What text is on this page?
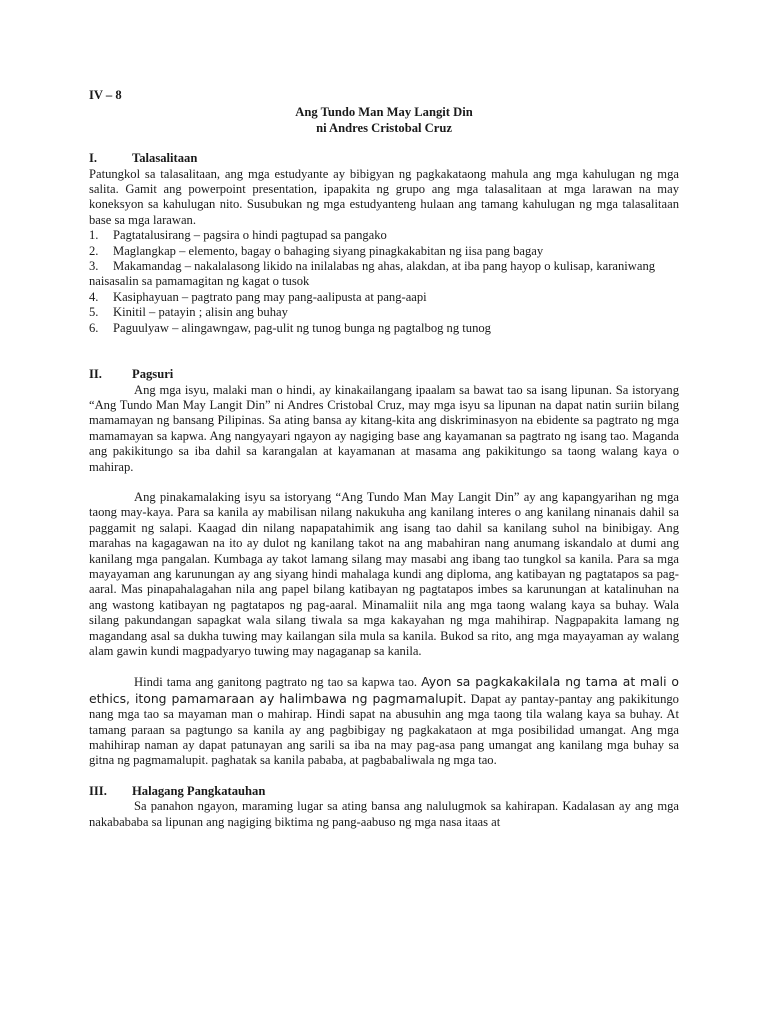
IV – 8
Ang Tundo Man May Langit Din
ni Andres Cristobal Cruz
I.	Talasalitaan
Patungkol sa talasalitaan, ang mga estudyante ay bibigyan ng pagkakataong mahula ang mga kahulugan ng mga salita. Gamit ang powerpoint presentation, ipapakita ng grupo ang mga talasalitaan at mga larawan na may koneksyon sa kahulugan nito. Susubukan ng mga estudyanteng hulaan ang tamang kahulugan ng mga talasalitaan base sa mga larawan.
1.	Pagtatalusirang – pagsira o hindi pagtupad sa pangako
2.	Maglangkap – elemento, bagay o bahaging siyang pinagkakabitan ng iisa pang bagay
3.	Makamandag – nakalalasong likido na inilalabas ng ahas, alakdan, at iba pang hayop o kulisap, karaniwang naisasalin sa pamamagitan ng kagat o tusok
4.	Kasiphayuan – pagtrato pang may pang-aalipusta at pang-aapi
5.	Kinitil – patayin ; alisin ang buhay
6.	Paguulyaw – alingawngaw, pag-ulit ng tunog bunga ng pagtalbog ng tunog
II.	Pagsuri
Ang mga isyu, malaki man o hindi, ay kinakailangang ipaalam sa bawat tao sa isang lipunan. Sa istoryang “Ang Tundo Man May Langit Din” ni Andres Cristobal Cruz, may mga isyu sa lipunan na dapat natin suriin bilang mamamayan ng bansang Pilipinas. Sa ating bansa ay kitang-kita ang diskriminasyon na ebidente sa pagtrato ng mga mamamayan sa kapwa. Ang nangyayari ngayon ay nagiging base ang kayamanan sa pagtrato ng isang tao. Maganda ang pakikitungo sa iba dahil sa karangalan at kayamanan at masama ang pakikitungo sa taong walang kaya o mahirap.
Ang pinakamalaking isyu sa istoryang “Ang Tundo Man May Langit Din” ay ang kapangyarihan ng mga taong may-kaya. Para sa kanila ay mabilisan nilang nakukuha ang kanilang interes o ang kanilang ninanais dahil sa paggamit ng salapi. Kaagad din nilang napapatahimik ang isang tao dahil sa kanilang suhol na binibigay. Ang marahas na kagagawan na ito ay dulot ng kanilang takot na ang mabahiran nang anumang iskandalo at dumi ang kanilang mga pangalan. Kumbaga ay takot lamang silang may masabi ang ibang tao tungkol sa kanila. Para sa mga mayayaman ang karunungan ay ang siyang hindi mahalaga kundi ang diploma, ang katibayan ng pagtatapos sa pag-aaral. Mas pinapahalagahan nila ang papel bilang katibayan ng pagtatapos imbes sa karunungan at katalinuhan na ang wastong katibayan ng pagtatapos ng pag-aaral. Minamaliit nila ang mga taong walang kaya sa buhay. Wala silang pakundangan sapagkat wala silang tiwala sa mga kakayahan ng mga mahihirap. Nagpapakita lamang ng magandang asal sa dukha tuwing may kailangan sila mula sa kanila. Bukod sa rito, ang mga mayayaman ay walang alam gawin kundi magpadyaryo tuwing may nagaganap sa kanila.
Hindi tama ang ganitong pagtrato ng tao sa kapwa tao. Ayon sa pagkakakilala ng tama at mali o ethics, itong pamamaraan ay halimbawa ng pagmamalupit. Dapat ay pantay-pantay ang pakikitungo nang mga tao sa mayaman man o mahirap. Hindi sapat na abusuhin ang mga taong tila walang kaya sa buhay. At tamang paraan sa pagtungo sa kanila ay ang pagbibigay ng pagkakataon at mga posibilidad umangat. Ang mga mahihirap naman ay dapat patunayan ang sarili sa iba na may pag-asa pang umangat ang kanilang mga buhay sa gitna ng pagmamalupit. paghatak sa kanila pababa, at pagbabaliwala ng mga tao.
III.	Halagang Pangkatauhan
Sa panahon ngayon, maraming lugar sa ating bansa ang nalulugmok sa kahirapan. Kadalasan ay ang mga nakabababa sa lipunan ang nagiging biktima ng pang-aabuso ng mga nasa itaas at
